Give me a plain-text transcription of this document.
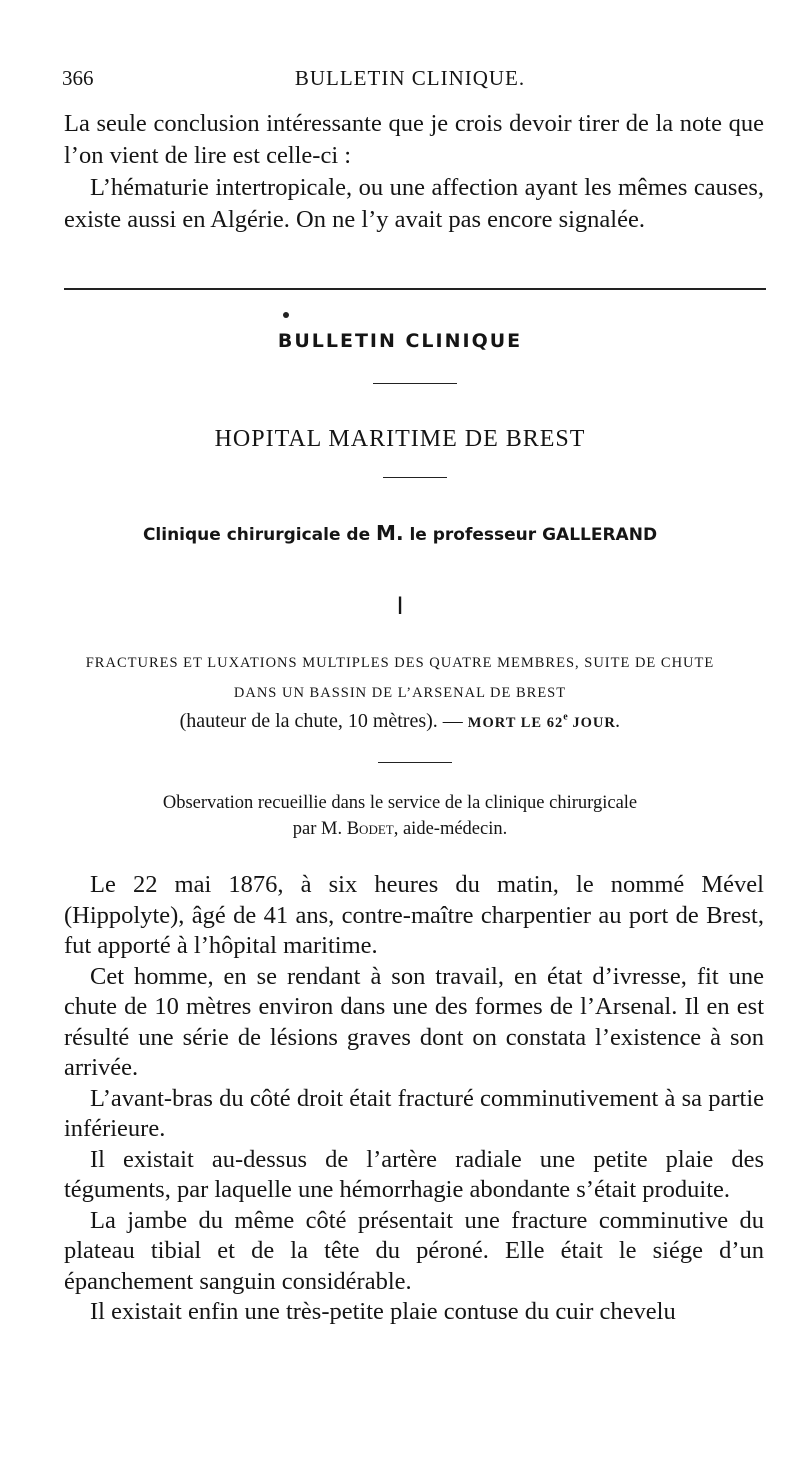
366	BULLETIN CLINIQUE.

La seule conclusion intéressante que je crois devoir tirer de la note que l’on vient de lire est celle-ci :

L’hématurie intertropicale, ou une affection ayant les mêmes causes, existe aussi en Algérie. On ne l’y avait pas encore signalée.

BULLETIN CLINIQUE

HOPITAL MARITIME DE BREST

Clinique chirurgicale de M. le professeur GALLERAND

I

FRACTURES ET LUXATIONS MULTIPLES DES QUATRE MEMBRES, SUITE DE CHUTE

DANS UN BASSIN DE L’ARSENAL DE BREST

(hauteur de la chute, 10 mètres). — MORT LE 62e JOUR.

Observation recueillie dans le service de la clinique chirurgicale

par M. Bodet, aide-médecin.

Le 22 mai 1876, à six heures du matin, le nommé Mével (Hippolyte), âgé de 41 ans, contre-maître charpentier au port de Brest, fut apporté à l’hôpital maritime.

Cet homme, en se rendant à son travail, en état d’ivresse, fit une chute de 10 mètres environ dans une des formes de l’Arsenal. Il en est résulté une série de lésions graves dont on constata l’existence à son arrivée.

L’avant-bras du côté droit était fracturé comminutivement à sa partie inférieure.

Il existait au-dessus de l’artère radiale une petite plaie des téguments, par laquelle une hémorrhagie abondante s’était produite.

La jambe du même côté présentait une fracture comminutive du plateau tibial et de la tête du péroné. Elle était le siége d’un épanchement sanguin considérable.

Il existait enfin une très-petite plaie contuse du cuir chevelu
